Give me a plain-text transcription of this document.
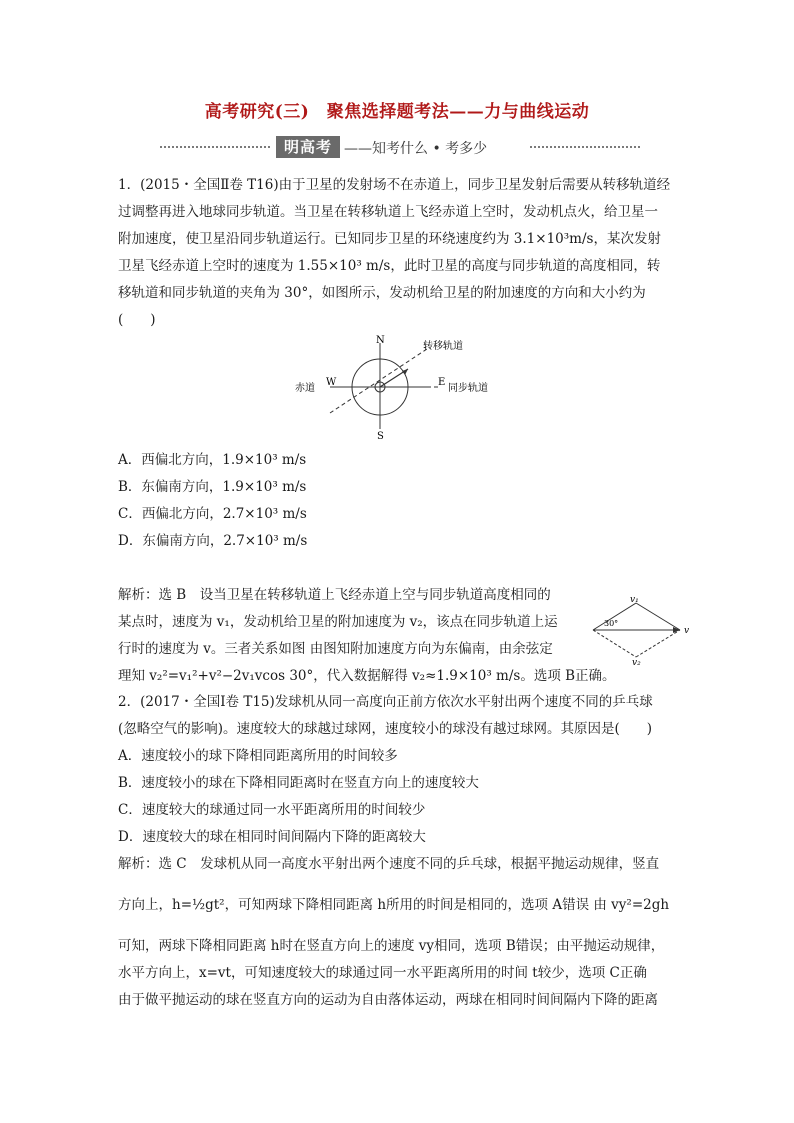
高考研究(三)　聚焦选择题考法——力与曲线运动
明高考 ——知考什么 • 考多少
1．(2015・全国Ⅱ卷 T16)由于卫星的发射场不在赤道上，同步卫星发射后需要从转移轨道经
过调整再进入地球同步轨道。当卫星在转移轨道上飞经赤道上空时，发动机点火，给卫星一
附加速度，使卫星沿同步轨道运行。已知同步卫星的环绕速度约为 3.1×10³m/s，某次发射
卫星飞经赤道上空时的速度为 1.55×10³ m/s，此时卫星的高度与同步轨道的高度相同，转
移轨道和同步轨道的夹角为 30°，如图所示，发动机给卫星的附加速度的方向和大小约为
(　　)
N
S
W	E
转移轨道
赤道	同步轨道
A．西偏北方向，1.9×10³ m/s
B．东偏南方向，1.9×10³ m/s
C．西偏北方向，2.7×10³ m/s
D．东偏南方向，2.7×10³ m/s
解析：选 B　设当卫星在转移轨道上飞经赤道上空与同步轨道高度相同的
某点时，速度为 v₁，发动机给卫星的附加速度为 v₂，该点在同步轨道上运
行时的速度为 v。三者关系如图 由图知附加速度方向为东偏南，由余弦定
理知 v₂²=v₁²+v²−2v₁vcos 30°，代入数据解得 v₂≈1.9×10³ m/s。选项 B正确。
v₁
v₂
v
30°
2．(2017・全国Ⅰ卷 T15)发球机从同一高度向正前方依次水平射出两个速度不同的乒乓球
(忽略空气的影响)。速度较大的球越过球网，速度较小的球没有越过球网。其原因是(　　)
A．速度较小的球下降相同距离所用的时间较多
B．速度较小的球在下降相同距离时在竖直方向上的速度较大
C．速度较大的球通过同一水平距离所用的时间较少
D．速度较大的球在相同时间间隔内下降的距离较大
解析：选 C　发球机从同一高度水平射出两个速度不同的乒乓球，根据平抛运动规律，竖直
方向上，h=½gt²，可知两球下降相同距离 h所用的时间是相同的，选项 A错误 由 vy²=2gh
可知，两球下降相同距离 h时在竖直方向上的速度 vy相同，选项 B错误；由平抛运动规律，
水平方向上，x=vt，可知速度较大的球通过同一水平距离所用的时间 t较少，选项 C正确
由于做平抛运动的球在竖直方向的运动为自由落体运动，两球在相同时间间隔内下降的距离
